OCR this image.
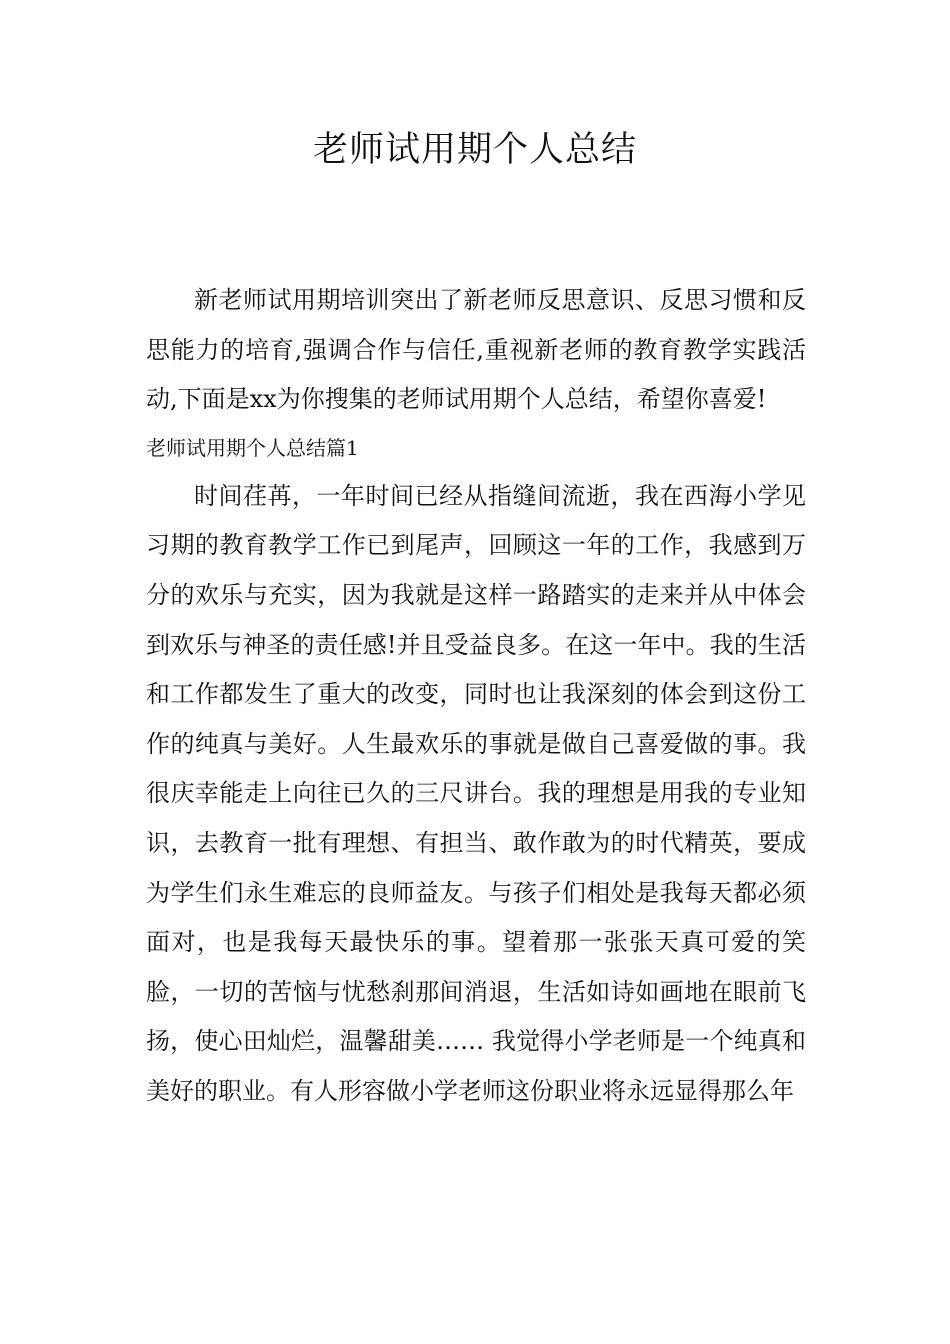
老师试用期个人总结

新老师试用期培训突出了新老师反思意识、反思习惯和反思能力的培育,强调合作与信任,重视新老师的教育教学实践活动,下面是xx为你搜集的老师试用期个人总结，希望你喜爱!

老师试用期个人总结篇1

时间荏苒，一年时间已经从指缝间流逝，我在西海小学见习期的教育教学工作已到尾声，回顾这一年的工作，我感到万分的欢乐与充实，因为我就是这样一路踏实的走来并从中体会到欢乐与神圣的责任感!并且受益良多。在这一年中。我的生活和工作都发生了重大的改变，同时也让我深刻的体会到这份工作的纯真与美好。人生最欢乐的事就是做自己喜爱做的事。我很庆幸能走上向往已久的三尺讲台。我的理想是用我的专业知识，去教育一批有理想、有担当、敢作敢为的时代精英，要成为学生们永生难忘的良师益友。与孩子们相处是我每天都必须面对，也是我每天最快乐的事。望着那一张张天真可爱的笑脸，一切的苦恼与忧愁刹那间消退，生活如诗如画地在眼前飞扬，使心田灿烂，温馨甜美…… 我觉得小学老师是一个纯真和美好的职业。有人形容做小学老师这份职业将永远显得那么年
